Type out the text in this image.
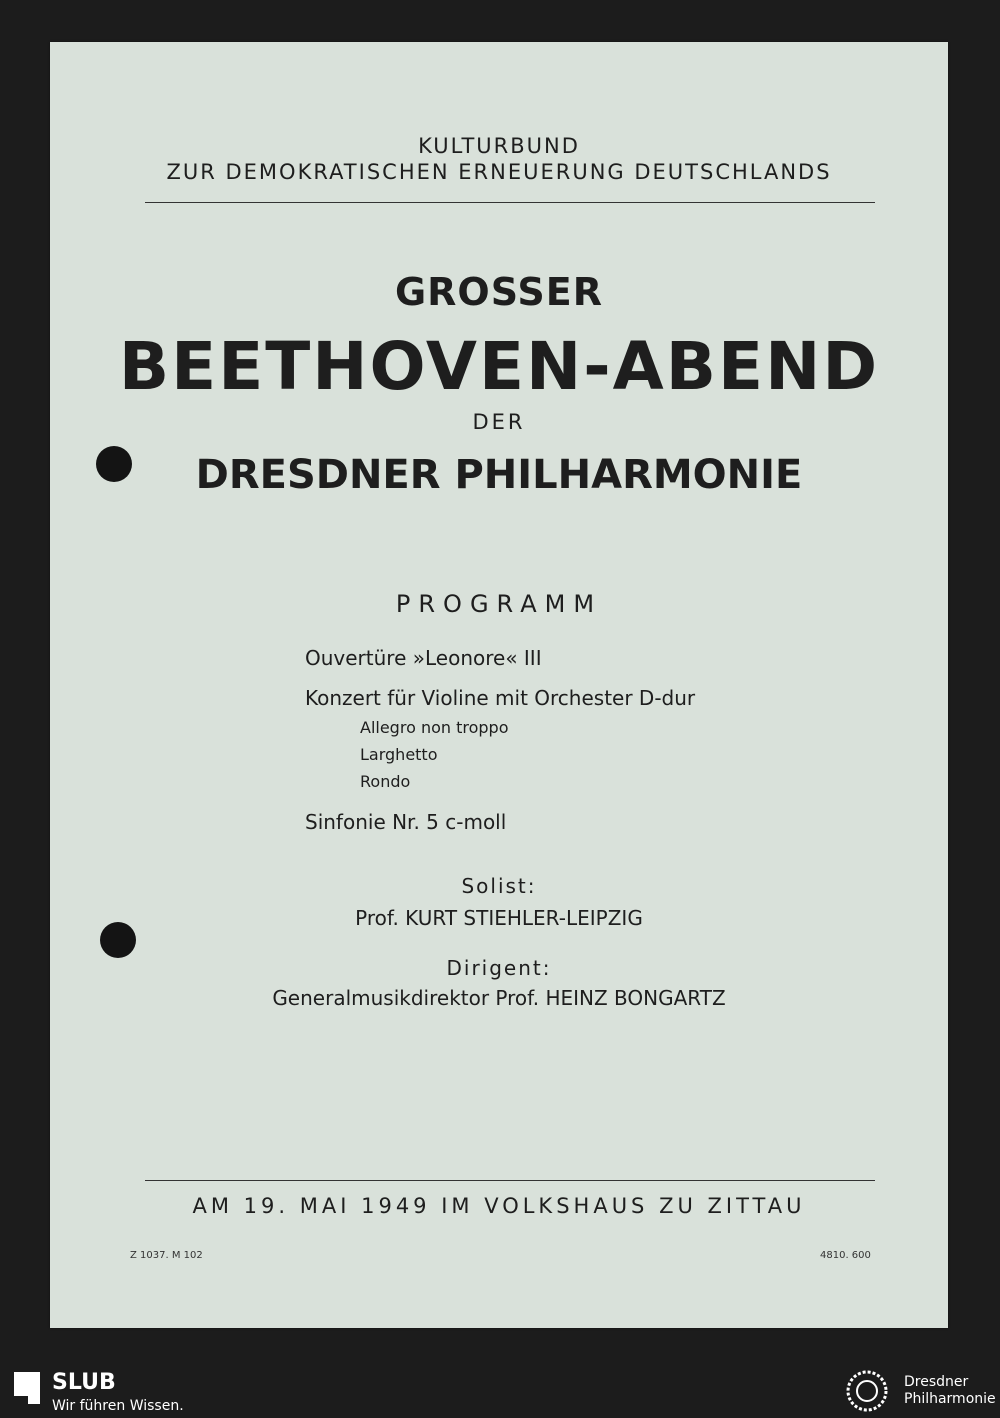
KULTURBUND
ZUR DEMOKRATISCHEN ERNEUERUNG DEUTSCHLANDS
GROSSER
BEETHOVEN-ABEND
DER
DRESDNER PHILHARMONIE
PROGRAMM
Ouvertüre »Leonore« III
Konzert für Violine mit Orchester D-dur
Allegro non troppo
Larghetto
Rondo
Sinfonie Nr. 5 c-moll
Solist:
Prof. KURT STIEHLER-LEIPZIG
Dirigent:
Generalmusikdirektor Prof. HEINZ BONGARTZ
AM 19. MAI 1949 IM VOLKSHAUS ZU ZITTAU
Z 1037. M 102	4810. 600
SLUB
Wir führen Wissen.
Dresdner
Philharmonie
